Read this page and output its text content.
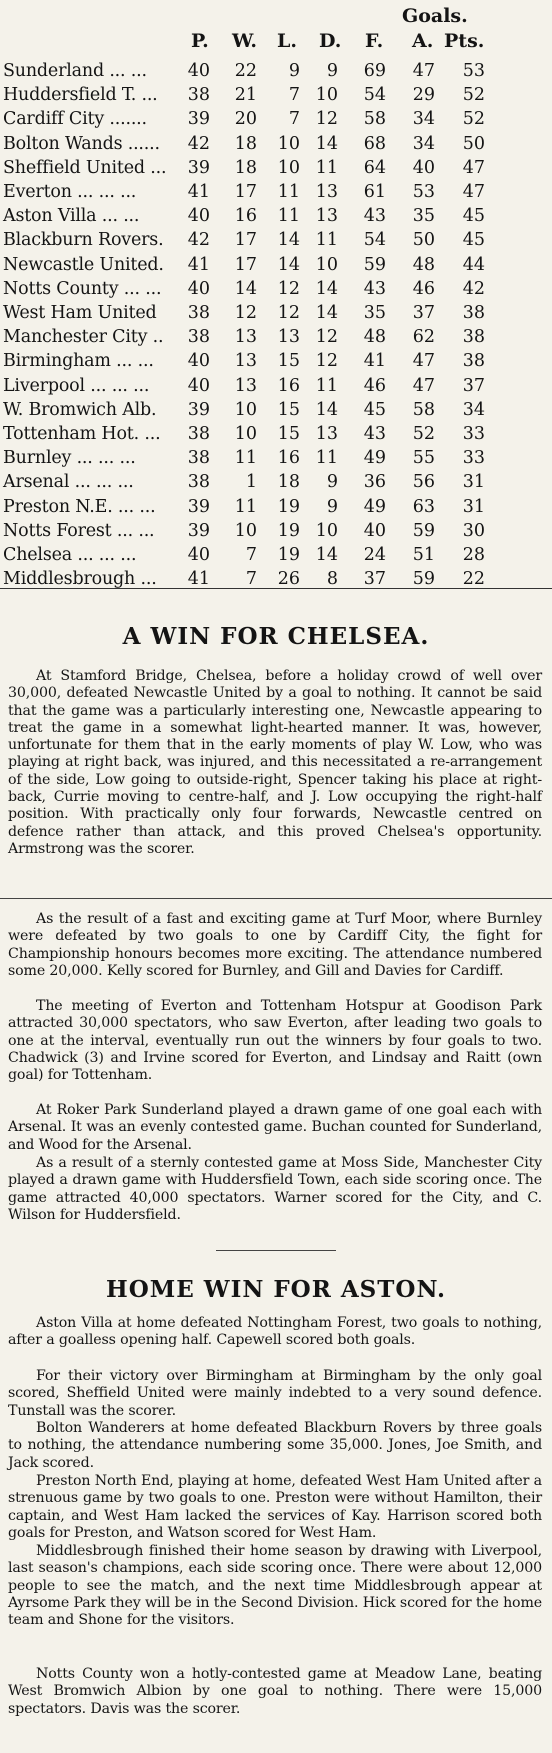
Goals.
P. W. L. D. F. A. Pts.
Sunderland ... ...	40	22	9	9	69	47	53
Huddersfield T. ...	38	21	7 10	54	29	52
Cardiff City .......	39	20	7 12	58	34	52
Bolton Wands ......	42	18	10 14	68	34	50
Sheffield United ...	39	18	10 11	64	40	47
Everton ... ... ...	41	17	11 13	61	53	47
Aston Villa ... ...	40	16	11 13	43	35	45
Blackburn Rovers.	42	17	14 11	54	50	45
Newcastle United.	41	17	14 10	59	48	44
Notts County ... ...	40	14	12 14	43	46	42
West Ham United	38	12	12 14	35	37	38
Manchester City ..	38	13	13 12	48	62	38
Birmingham ... ...	40	13	15 12	41	47	38
Liverpool ... ... ...	40	13	16 11	46	47	37
W. Bromwich Alb.	39	10	15 14	45	58	34
Tottenham Hot. ...	38	10	15 13	43	52	33
Burnley ... ... ...	38	11	16 11	49	55	33
Arsenal ... ... ...	38	1	18	9	36	56	31
Preston N.E. ... ...	39	11	19	9	49	63	31
Notts Forest ... ...	39	10	19 10	40	59	30
Chelsea ... ... ...	40	7	19 14	24	51	28
Middlesbrough ...	41	7	26	8	37	59	22
A WIN FOR CHELSEA.

At Stamford Bridge, Chelsea, before a holiday crowd of well over 30,000, defeated Newcastle United by a goal to nothing. It cannot be said that the game was a particularly interesting one, Newcastle appearing to treat the game in a somewhat light-hearted manner. It was, however, unfortunate for them that in the early moments of play W. Low, who was playing at right back, was injured, and this necessitated a re-arrangement of the side, Low going to outside-right, Spencer taking his place at right-back, Currie moving to centre-half, and J. Low occupying the right-half position. With practically only four forwards, Newcastle centred on defence rather than attack, and this proved Chelsea's opportunity. Armstrong was the scorer.

As the result of a fast and exciting game at Turf Moor, where Burnley were defeated by two goals to one by Cardiff City, the fight for Championship honours becomes more exciting. The attendance numbered some 20,000. Kelly scored for Burnley, and Gill and Davies for Cardiff.

The meeting of Everton and Tottenham Hotspur at Goodison Park attracted 30,000 spectators, who saw Everton, after leading two goals to one at the interval, eventually run out the winners by four goals to two. Chadwick (3) and Irvine scored for Everton, and Lindsay and Raitt (own goal) for Tottenham.

At Roker Park Sunderland played a drawn game of one goal each with Arsenal. It was an evenly contested game. Buchan counted for Sunderland, and Wood for the Arsenal.

As a result of a sternly contested game at Moss Side, Manchester City played a drawn game with Huddersfield Town, each side scoring once. The game attracted 40,000 spectators. Warner scored for the City, and C. Wilson for Huddersfield.

HOME WIN FOR ASTON.

Aston Villa at home defeated Nottingham Forest, two goals to nothing, after a goalless opening half. Capewell scored both goals.

For their victory over Birmingham at Birmingham by the only goal scored, Sheffield United were mainly indebted to a very sound defence. Tunstall was the scorer.

Bolton Wanderers at home defeated Blackburn Rovers by three goals to nothing, the attendance numbering some 35,000. Jones, Joe Smith, and Jack scored.

Preston North End, playing at home, defeated West Ham United after a strenuous game by two goals to one. Preston were without Hamilton, their captain, and West Ham lacked the services of Kay. Harrison scored both goals for Preston, and Watson scored for West Ham.

Middlesbrough finished their home season by drawing with Liverpool, last season's champions, each side scoring once. There were about 12,000 people to see the match, and the next time Middlesbrough appear at Ayrsome Park they will be in the Second Division. Hick scored for the home team and Shone for the visitors.

Notts County won a hotly-contested game at Meadow Lane, beating West Bromwich Albion by one goal to nothing. There were 15,000 spectators. Davis was the scorer.
